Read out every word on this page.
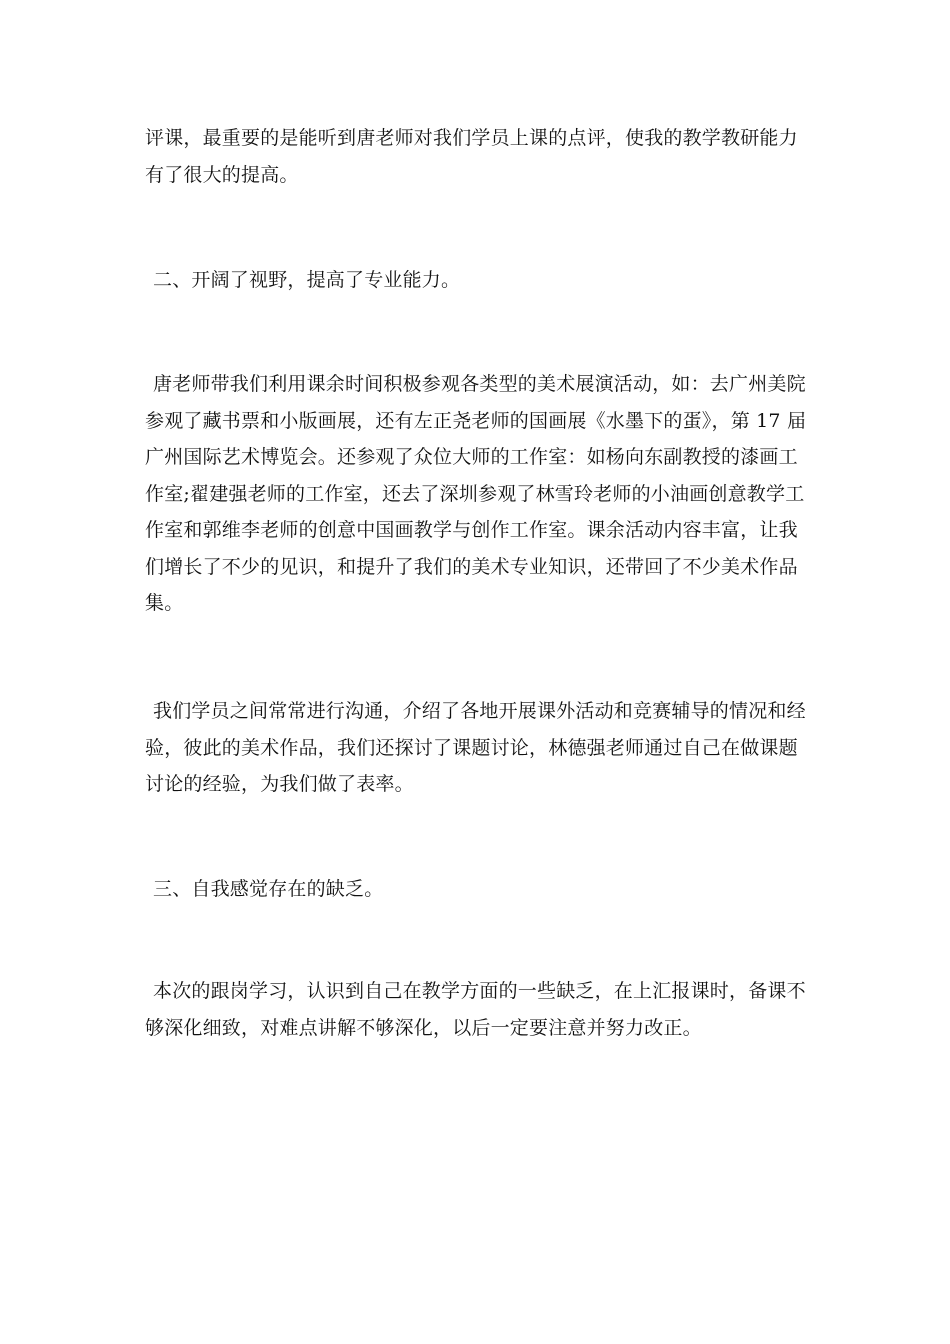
评课，最重要的是能听到唐老师对我们学员上课的点评，使我的教学教研能力
有了很大的提高。
二、开阔了视野，提高了专业能力。
唐老师带我们利用课余时间积极参观各类型的美术展演活动，如：去广州美院
参观了藏书票和小版画展，还有左正尧老师的国画展《水墨下的蛋》，第 17 届
广州国际艺术博览会。还参观了众位大师的工作室：如杨向东副教授的漆画工
作室;翟建强老师的工作室，还去了深圳参观了林雪玲老师的小油画创意教学工
作室和郭维李老师的创意中国画教学与创作工作室。课余活动内容丰富，让我
们增长了不少的见识，和提升了我们的美术专业知识，还带回了不少美术作品
集。
我们学员之间常常进行沟通，介绍了各地开展课外活动和竞赛辅导的情况和经
验，彼此的美术作品，我们还探讨了课题讨论，林德强老师通过自己在做课题
讨论的经验，为我们做了表率。
三、自我感觉存在的缺乏。
本次的跟岗学习，认识到自己在教学方面的一些缺乏，在上汇报课时，备课不
够深化细致，对难点讲解不够深化，以后一定要注意并努力改正。
